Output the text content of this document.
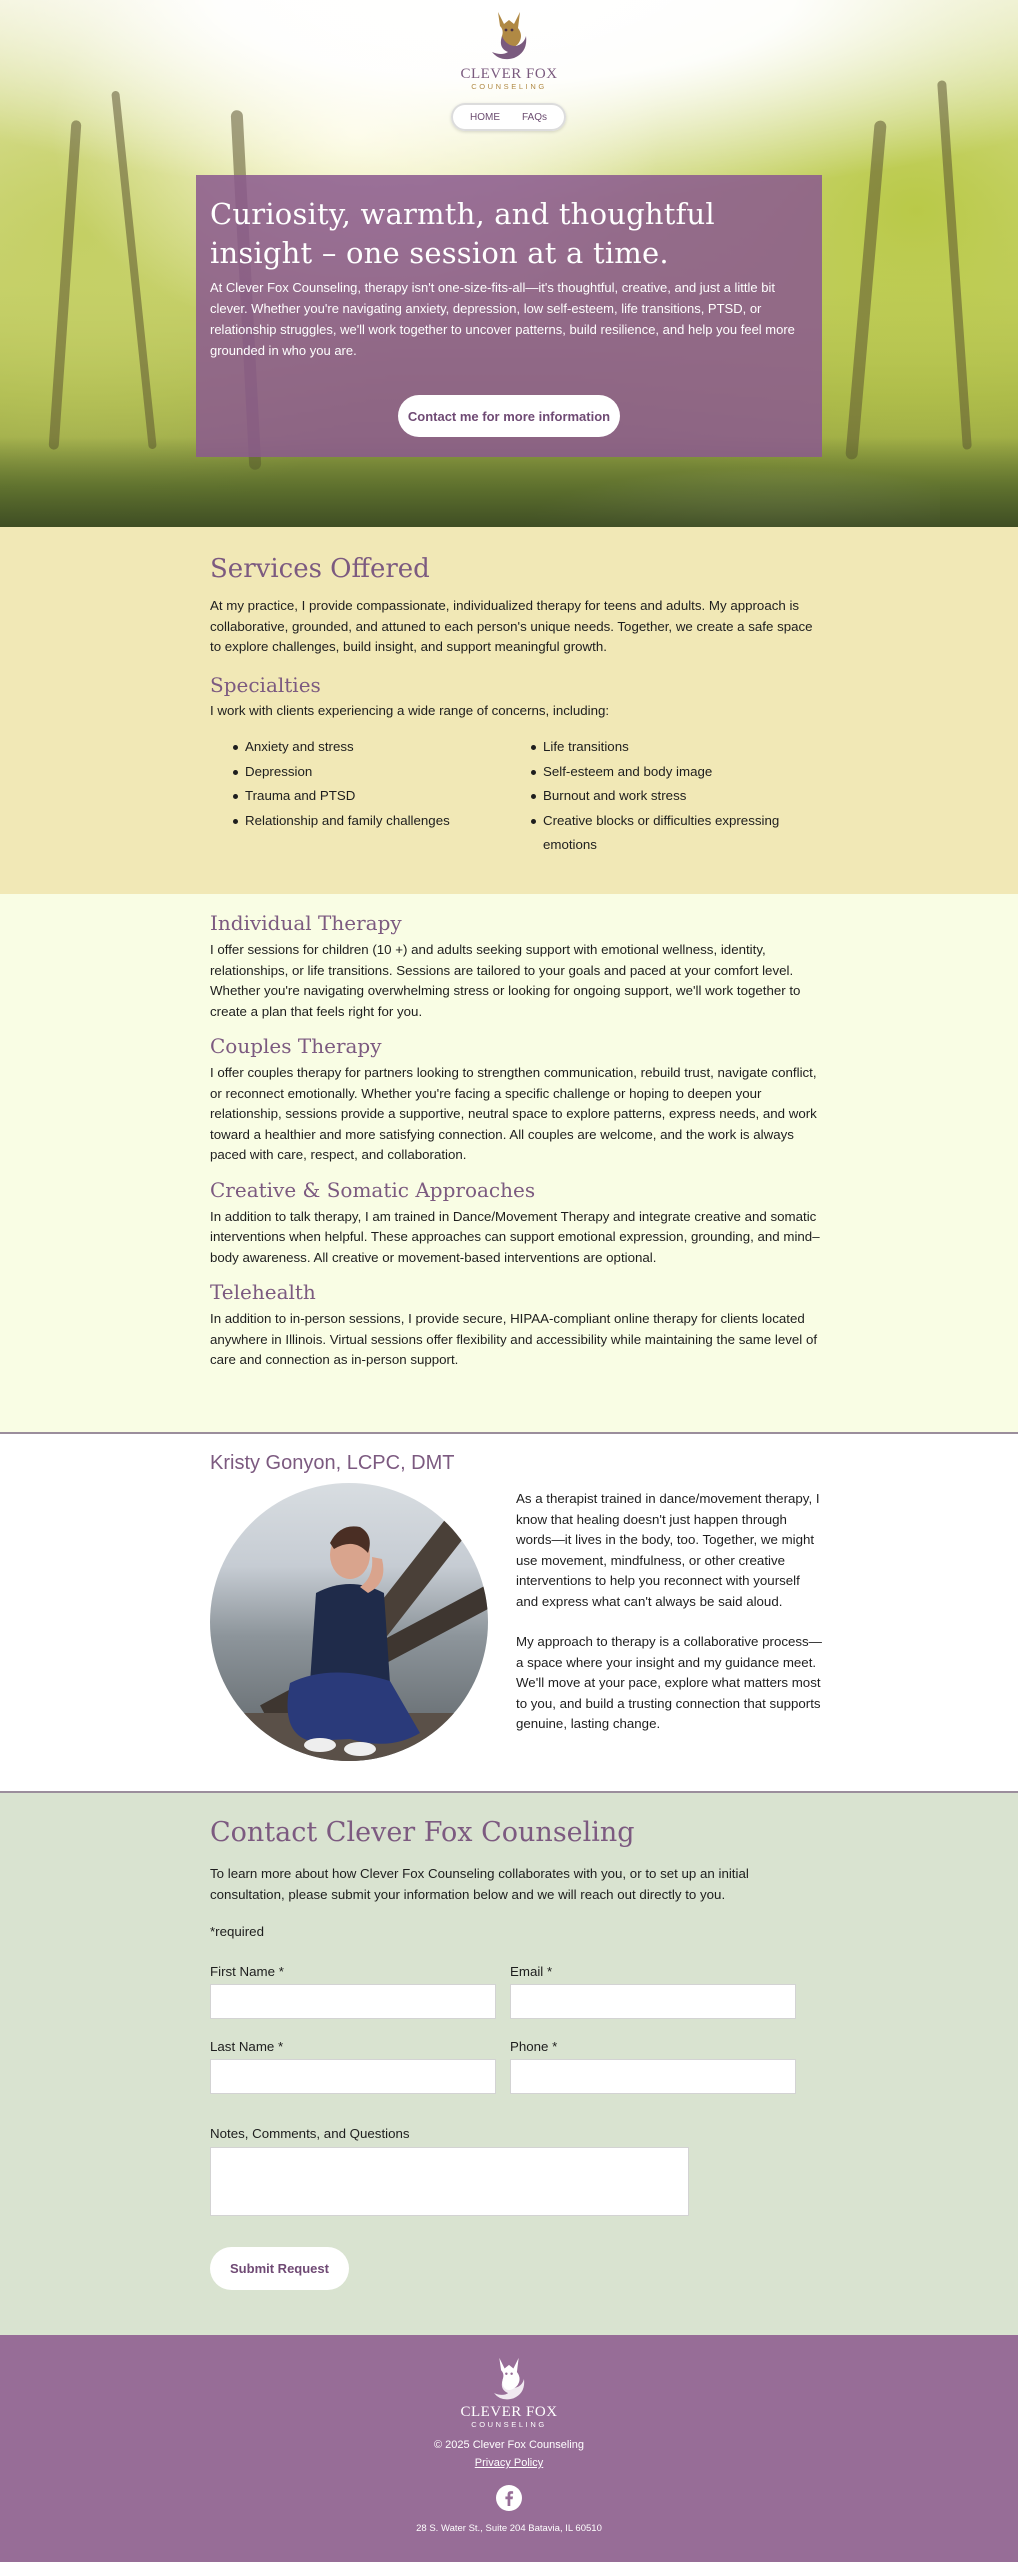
CLEVER FOX
COUNSELING
HOME FAQs
Curiosity, warmth, and thoughtful insight – one session at a time.

At Clever Fox Counseling, therapy isn't one-size-fits-all—it's thoughtful, creative, and just a little bit clever. Whether you're navigating anxiety, depression, low self-esteem, life transitions, PTSD, or relationship struggles, we'll work together to uncover patterns, build resilience, and help you feel more grounded in who you are.

Contact me for more information
Services Offered

At my practice, I provide compassionate, individualized therapy for teens and adults. My approach is collaborative, grounded, and attuned to each person's unique needs. Together, we create a safe space to explore challenges, build insight, and support meaningful growth.

Specialties

I work with clients experiencing a wide range of concerns, including:

Anxiety and stress
Depression
Trauma and PTSD
Relationship and family challenges
Life transitions
Self-esteem and body image
Burnout and work stress
Creative blocks or difficulties expressing emotions
Individual Therapy

I offer sessions for children (10 +) and adults seeking support with emotional wellness, identity, relationships, or life transitions. Sessions are tailored to your goals and paced at your comfort level. Whether you're navigating overwhelming stress or looking for ongoing support, we'll work together to create a plan that feels right for you.

Couples Therapy

I offer couples therapy for partners looking to strengthen communication, rebuild trust, navigate conflict, or reconnect emotionally. Whether you're facing a specific challenge or hoping to deepen your relationship, sessions provide a supportive, neutral space to explore patterns, express needs, and work toward a healthier and more satisfying connection. All couples are welcome, and the work is always paced with care, respect, and collaboration.

Creative & Somatic Approaches

In addition to talk therapy, I am trained in Dance/Movement Therapy and integrate creative and somatic interventions when helpful. These approaches can support emotional expression, grounding, and mind–body awareness. All creative or movement-based interventions are optional.

Telehealth

In addition to in-person sessions, I provide secure, HIPAA-compliant online therapy for clients located anywhere in Illinois. Virtual sessions offer flexibility and accessibility while maintaining the same level of care and connection as in-person support.

Kristy Gonyon, LCPC, DMT

As a therapist trained in dance/movement therapy, I know that healing doesn't just happen through words—it lives in the body, too. Together, we might use movement, mindfulness, or other creative interventions to help you reconnect with yourself and express what can't always be said aloud.

My approach to therapy is a collaborative process—a space where your insight and my guidance meet. We'll move at your pace, explore what matters most to you, and build a trusting connection that supports genuine, lasting change.

Contact Clever Fox Counseling

To learn more about how Clever Fox Counseling collaborates with you, or to set up an initial consultation, please submit your information below and we will reach out directly to you.

*required

First Name *	Email *
Last Name *	Phone *
Notes, Comments, and Questions
Submit Request
CLEVER FOX
COUNSELING

© 2025 Clever Fox Counseling

Privacy Policy

28 S. Water St., Suite 204 Batavia, IL 60510
